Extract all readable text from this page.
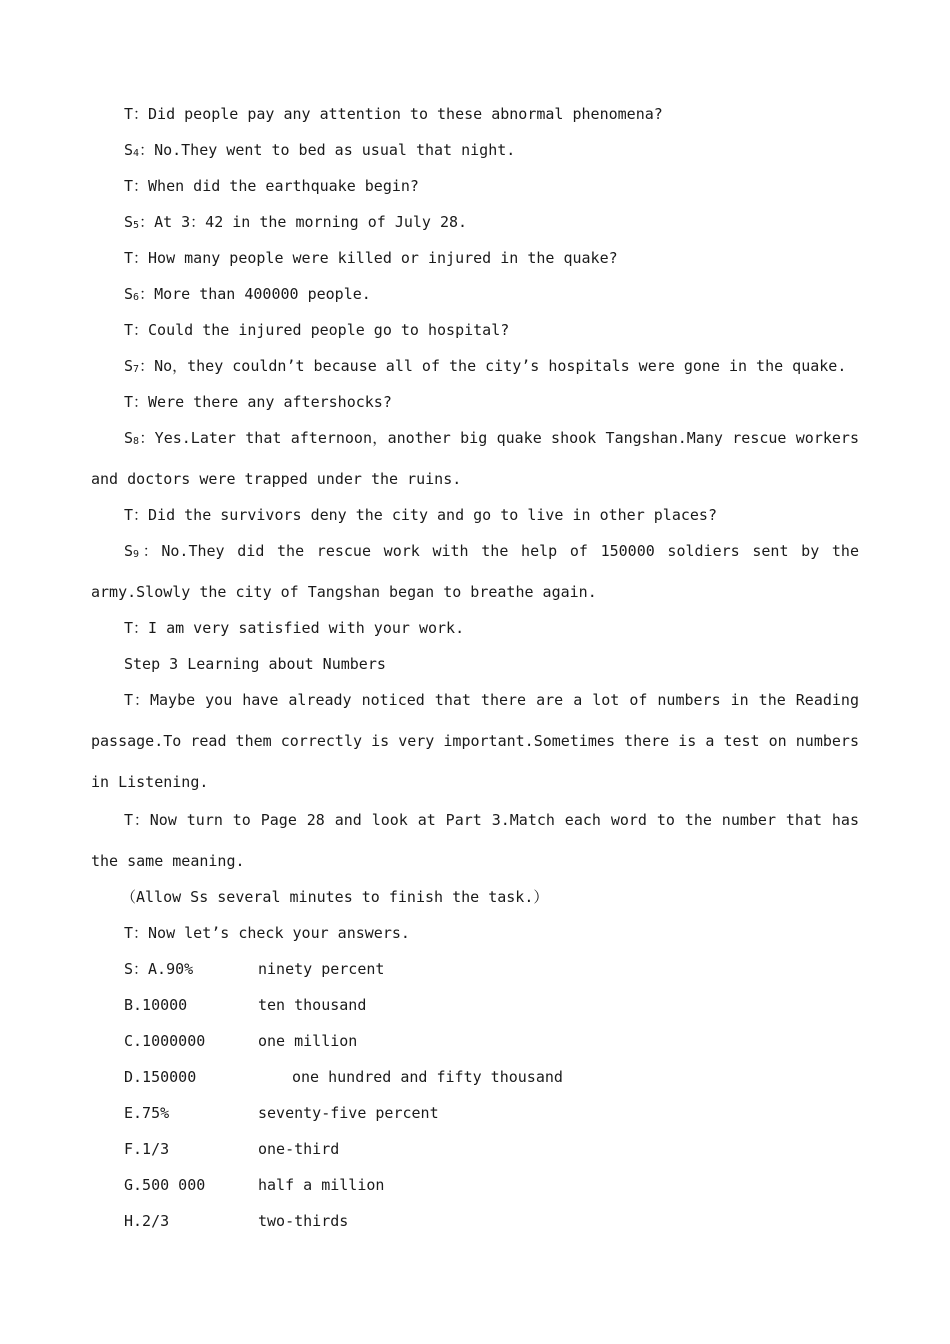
T：Did people pay any attention to these abnormal phenomena?
$S_4$：No.They went to bed as usual that night.
T：When did the earthquake begin?
$S_5$：At 3：42 in the morning of July 28.
T：How many people were killed or injured in the quake?
$S_6$：More than 400000 people.
T：Could the injured people go to hospital?
$S_7$：No，they couldn’t because all of the city’s hospitals were gone in the quake.
T：Were there any aftershocks?
$S_8$：Yes.Later that afternoon，another big quake shook Tangshan.Many rescue workers and doctors were trapped under the ruins.
T：Did the survivors deny the city and go to live in other places?
$S_9$：No.They did the rescue work with the help of 150000 soldiers sent by the army.Slowly the city of Tangshan began to breathe again.
T：I am very satisfied with your work.
Step 3 Learning about Numbers
T：Maybe you have already noticed that there are a lot of numbers in the Reading passage.To read them correctly is very important.Sometimes there is a test on numbers in Listening.
T：Now turn to Page 28 and look at Part 3.Match each word to the number that has the same meaning.
（Allow Ss several minutes to finish the task.）
T：Now let’s check your answers.
S：A.90%	ninety percent
B.10000	ten thousand
C.1000000	one million
D.150000	one hundred and fifty thousand
E.75%	seventy-five percent
F.1/3	one-third
G.500 000	half a million
H.2/3	two-thirds
